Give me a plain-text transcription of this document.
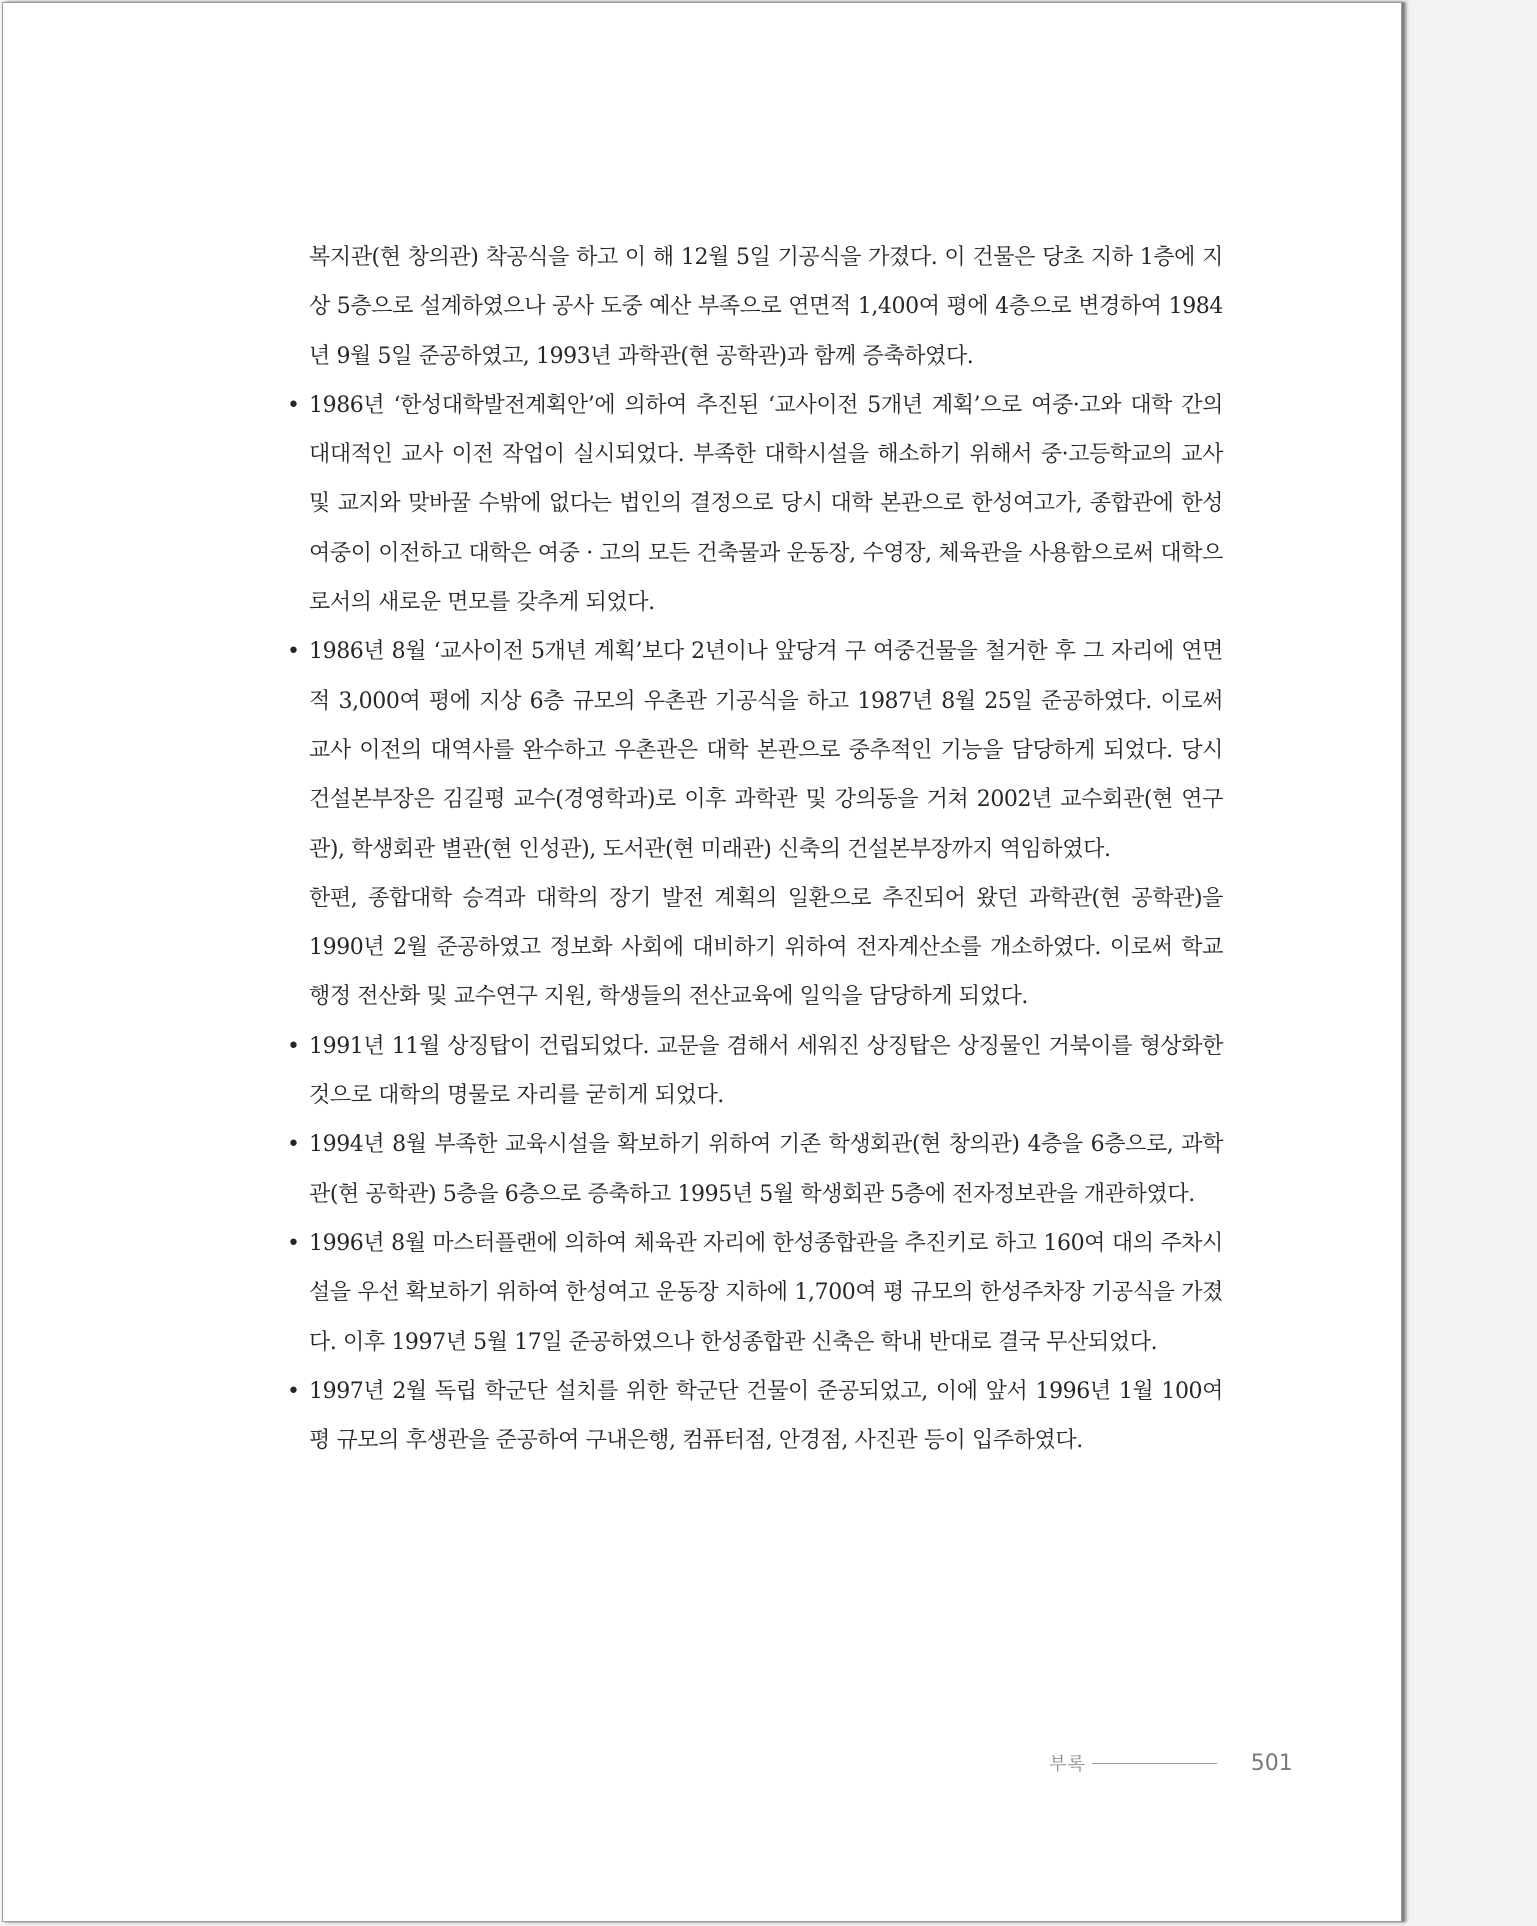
복지관(현 창의관) 착공식을 하고 이 해 12월 5일 기공식을 가졌다. 이 건물은 당초 지하 1층에 지상 5층으로 설계하였으나 공사 도중 예산 부족으로 연면적 1,400여 평에 4층으로 변경하여 1984년 9월 5일 준공하였고, 1993년 과학관(현 공학관)과 함께 증축하였다.

• 1986년 ‘한성대학발전계획안’에 의하여 추진된 ‘교사이전 5개년 계획’으로 여중·고와 대학 간의 대대적인 교사 이전 작업이 실시되었다. 부족한 대학시설을 해소하기 위해서 중·고등학교의 교사 및 교지와 맞바꿀 수밖에 없다는 법인의 결정으로 당시 대학 본관으로 한성여고가, 종합관에 한성여중이 이전하고 대학은 여중 · 고의 모든 건축물과 운동장, 수영장, 체육관을 사용함으로써 대학으로서의 새로운 면모를 갖추게 되었다.
• 1986년 8월 ‘교사이전 5개년 계획’보다 2년이나 앞당겨 구 여중건물을 철거한 후 그 자리에 연면적 3,000여 평에 지상 6층 규모의 우촌관 기공식을 하고 1987년 8월 25일 준공하였다. 이로써 교사 이전의 대역사를 완수하고 우촌관은 대학 본관으로 중추적인 기능을 담당하게 되었다. 당시 건설본부장은 김길평 교수(경영학과)로 이후 과학관 및 강의동을 거쳐 2002년 교수회관(현 연구관), 학생회관 별관(현 인성관), 도서관(현 미래관) 신축의 건설본부장까지 역임하였다.

한편, 종합대학 승격과 대학의 장기 발전 계획의 일환으로 추진되어 왔던 과학관(현 공학관)을 1990년 2월 준공하였고 정보화 사회에 대비하기 위하여 전자계산소를 개소하였다. 이로써 학교 행정 전산화 및 교수연구 지원, 학생들의 전산교육에 일익을 담당하게 되었다.

• 1991년 11월 상징탑이 건립되었다. 교문을 겸해서 세워진 상징탑은 상징물인 거북이를 형상화한 것으로 대학의 명물로 자리를 굳히게 되었다.
• 1994년 8월 부족한 교육시설을 확보하기 위하여 기존 학생회관(현 창의관) 4층을 6층으로, 과학관(현 공학관) 5층을 6층으로 증축하고 1995년 5월 학생회관 5층에 전자정보관을 개관하였다.
• 1996년 8월 마스터플랜에 의하여 체육관 자리에 한성종합관을 추진키로 하고 160여 대의 주차시설을 우선 확보하기 위하여 한성여고 운동장 지하에 1,700여 평 규모의 한성주차장 기공식을 가졌다. 이후 1997년 5월 17일 준공하였으나 한성종합관 신축은 학내 반대로 결국 무산되었다.
• 1997년 2월 독립 학군단 설치를 위한 학군단 건물이 준공되었고, 이에 앞서 1996년 1월 100여 평 규모의 후생관을 준공하여 구내은행, 컴퓨터점, 안경점, 사진관 등이 입주하였다.
부록	501
